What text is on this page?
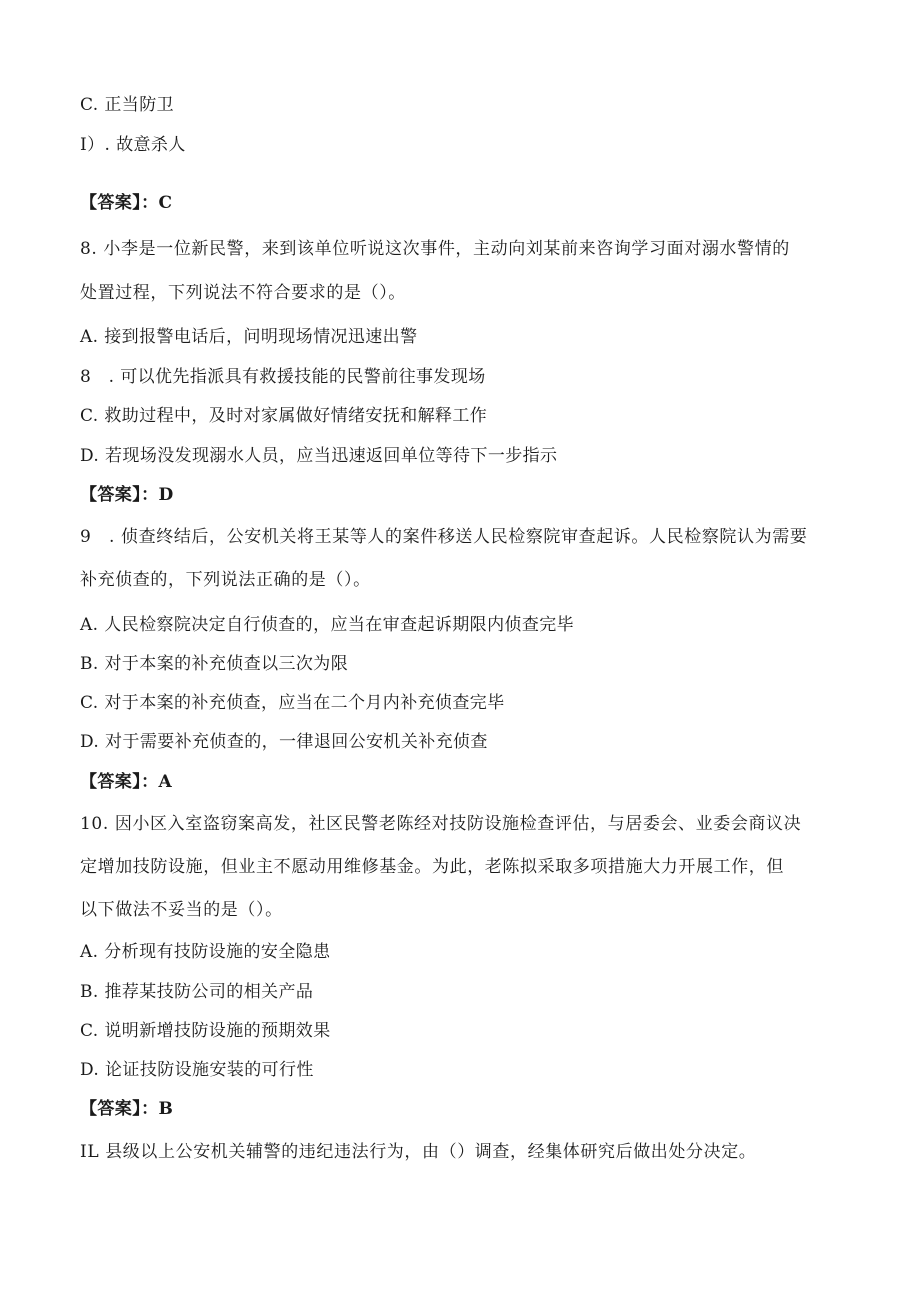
C. 正当防卫
I）. 故意杀人
【答案】：C
8. 小李是一位新民警，来到该单位听说这次事件，主动向刘某前来咨询学习面对溺水警情的
处置过程，下列说法不符合要求的是（）。
A. 接到报警电话后，问明现场情况迅速出警
8　. 可以优先指派具有救援技能的民警前往事发现场
C. 救助过程中，及时对家属做好情绪安抚和解释工作
D. 若现场没发现溺水人员，应当迅速返回单位等待下一步指示
【答案】：D
9　. 侦查终结后，公安机关将王某等人的案件移送人民检察院审查起诉。人民检察院认为需要
补充侦查的，下列说法正确的是（）。
A. 人民检察院决定自行侦查的，应当在审查起诉期限内侦查完毕
B. 对于本案的补充侦查以三次为限
C. 对于本案的补充侦查，应当在二个月内补充侦查完毕
D. 对于需要补充侦查的，一律退回公安机关补充侦查
【答案】：A
10. 因小区入室盗窃案高发，社区民警老陈经对技防设施检查评估，与居委会、业委会商议决
定增加技防设施，但业主不愿动用维修基金。为此，老陈拟采取多项措施大力开展工作，但
以下做法不妥当的是（）。
A. 分析现有技防设施的安全隐患
B. 推荐某技防公司的相关产品
C. 说明新增技防设施的预期效果
D. 论证技防设施安装的可行性
【答案】：B
IL 县级以上公安机关辅警的违纪违法行为，由（）调查，经集体研究后做出处分决定。
